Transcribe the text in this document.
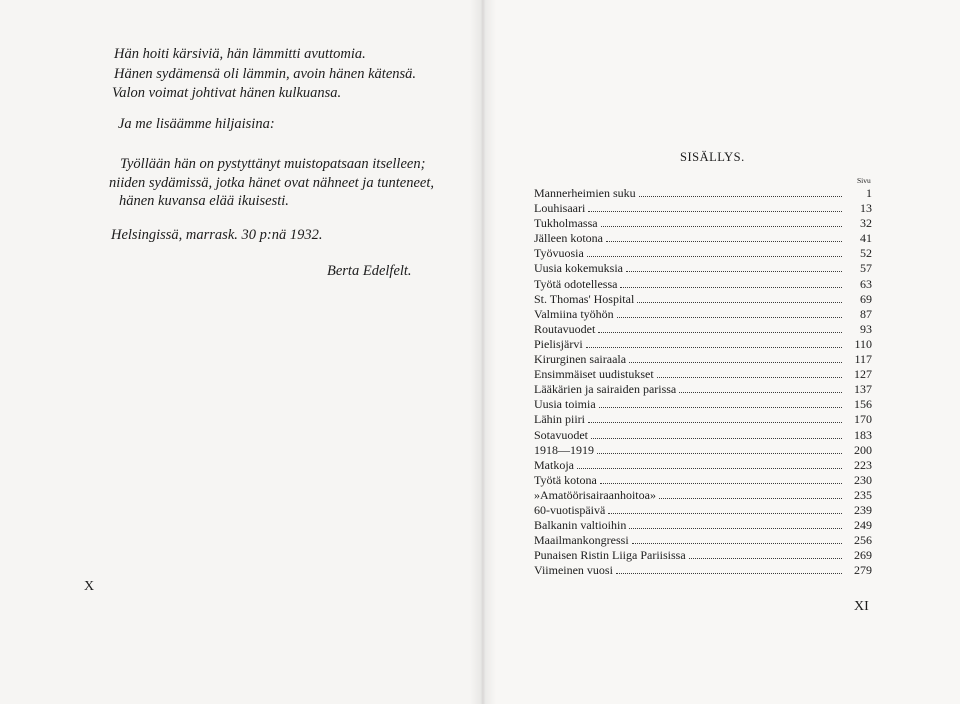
Hän hoiti kärsiviä, hän lämmitti avuttomia.
Hänen sydämensä oli lämmin, avoin hänen kätensä.
Valon voimat johtivat hänen kulkuansa.
Ja me lisäämme hiljaisina:
Työllään hän on pystyttänyt muistopatsaan itselleen;
niiden sydämissä, jotka hänet ovat nähneet ja tunteneet,
hänen kuvansa elää ikuisesti.
Helsingissä, marrask. 30 p:nä 1932.
Berta Edelfelt.
X
SISÄLLYS.
Sivu
Mannerheimien suku	1
Louhisaari	13
Tukholmassa	32
Jälleen kotona	41
Työvuosia	52
Uusia kokemuksia	57
Työtä odotellessa	63
St. Thomas' Hospital	69
Valmiina työhön	87
Routavuodet	93
Pielisjärvi	110
Kirurginen sairaala	117
Ensimmäiset uudistukset	127
Lääkärien ja sairaiden parissa	137
Uusia toimia	156
Lähin piiri	170
Sotavuodet	183
1918—1919	200
Matkoja	223
Työtä kotona	230
»Amatöörisairaanhoitoa»	235
60-vuotispäivä	239
Balkanin valtioihin	249
Maailmankongressi	256
Punaisen Ristin Liiga Pariisissa	269
Viimeinen vuosi	279
XI
